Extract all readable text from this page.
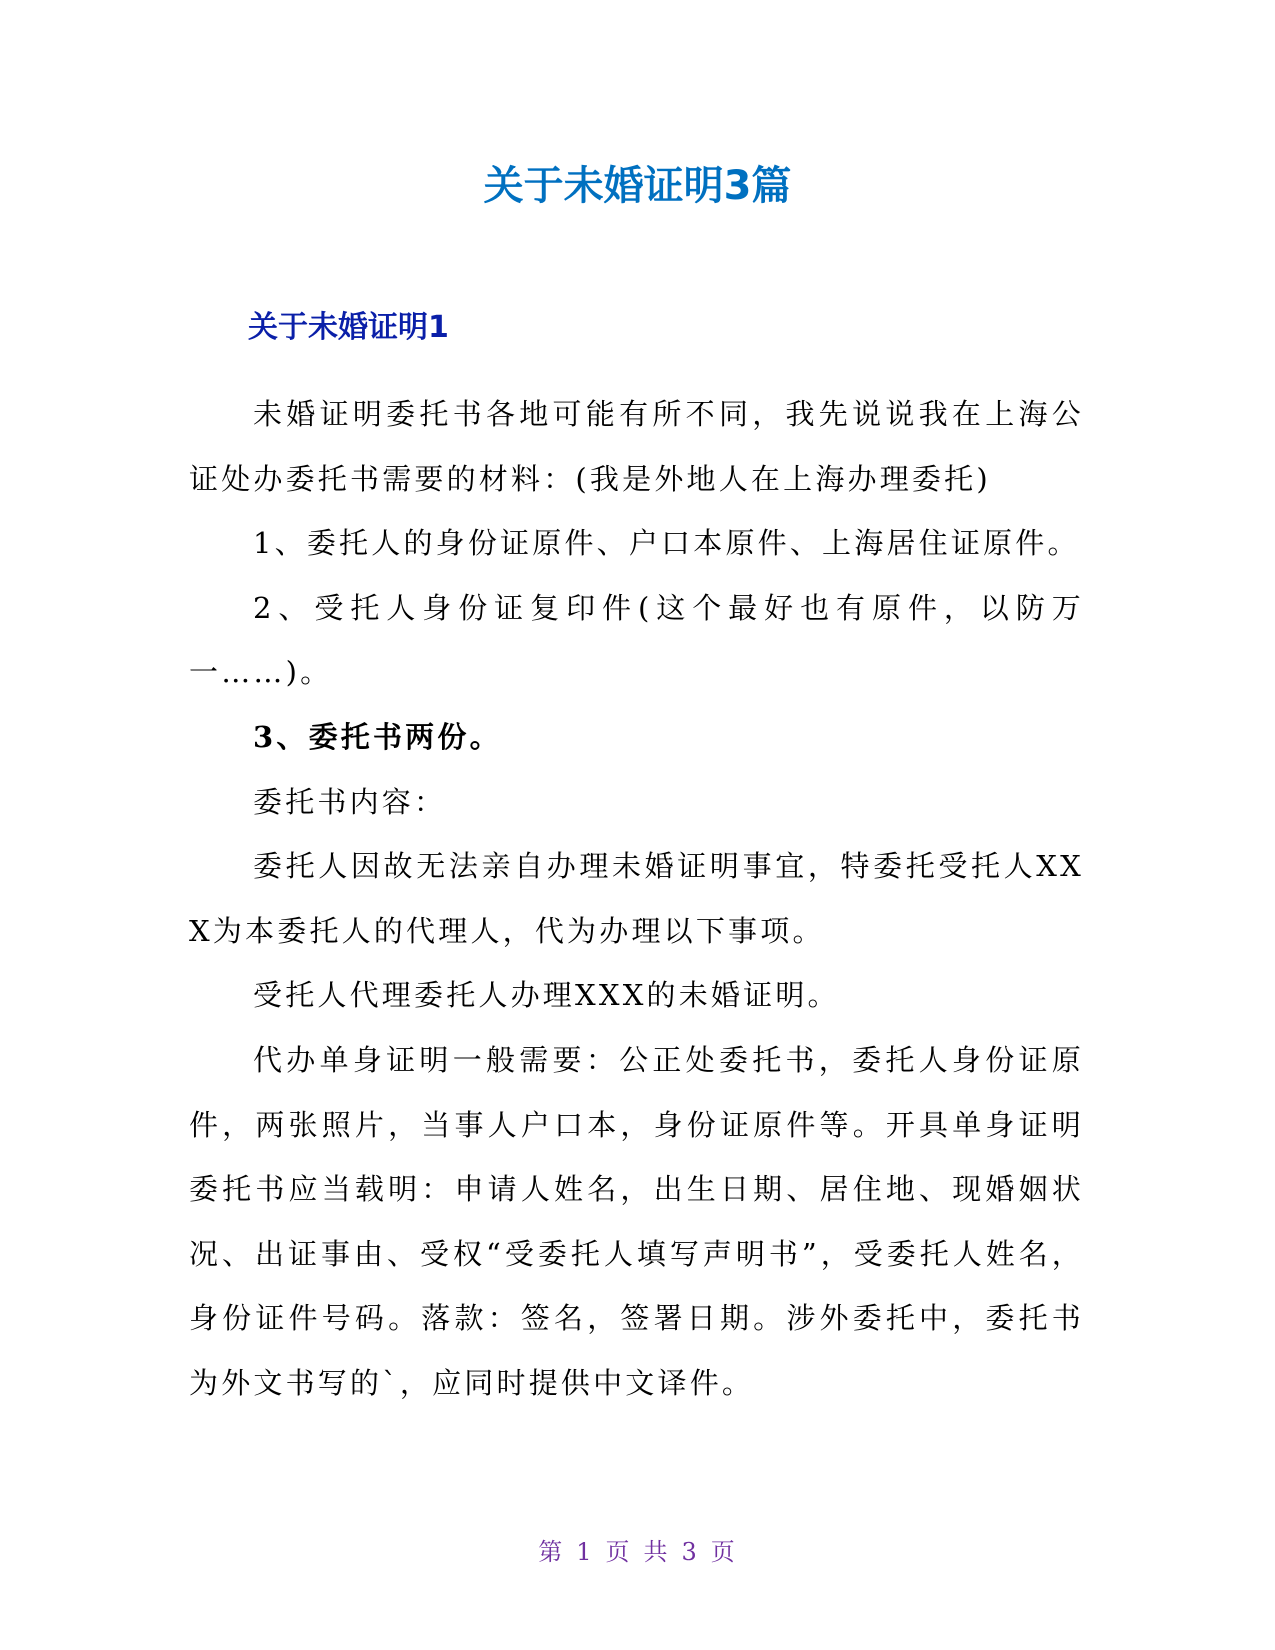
关于未婚证明3篇
关于未婚证明1

未婚证明委托书各地可能有所不同，我先说说我在上海公证处办委托书需要的材料：(我是外地人在上海办理委托)

1、委托人的身份证原件、户口本原件、上海居住证原件。

2、受托人身份证复印件(这个最好也有原件，以防万一……)。

3、委托书两份。

委托书内容：

委托人因故无法亲自办理未婚证明事宜，特委托受托人XXX为本委托人的代理人，代为办理以下事项。

受托人代理委托人办理XXX的未婚证明。

代办单身证明一般需要：公正处委托书，委托人身份证原件，两张照片，当事人户口本，身份证原件等。开具单身证明委托书应当载明：申请人姓名，出生日期、居住地、现婚姻状况、出证事由、受权“受委托人填写声明书”，受委托人姓名，身份证件号码。落款：签名，签署日期。涉外委托中，委托书为外文书写的`，应同时提供中文译件。

第 1 页 共 3 页
